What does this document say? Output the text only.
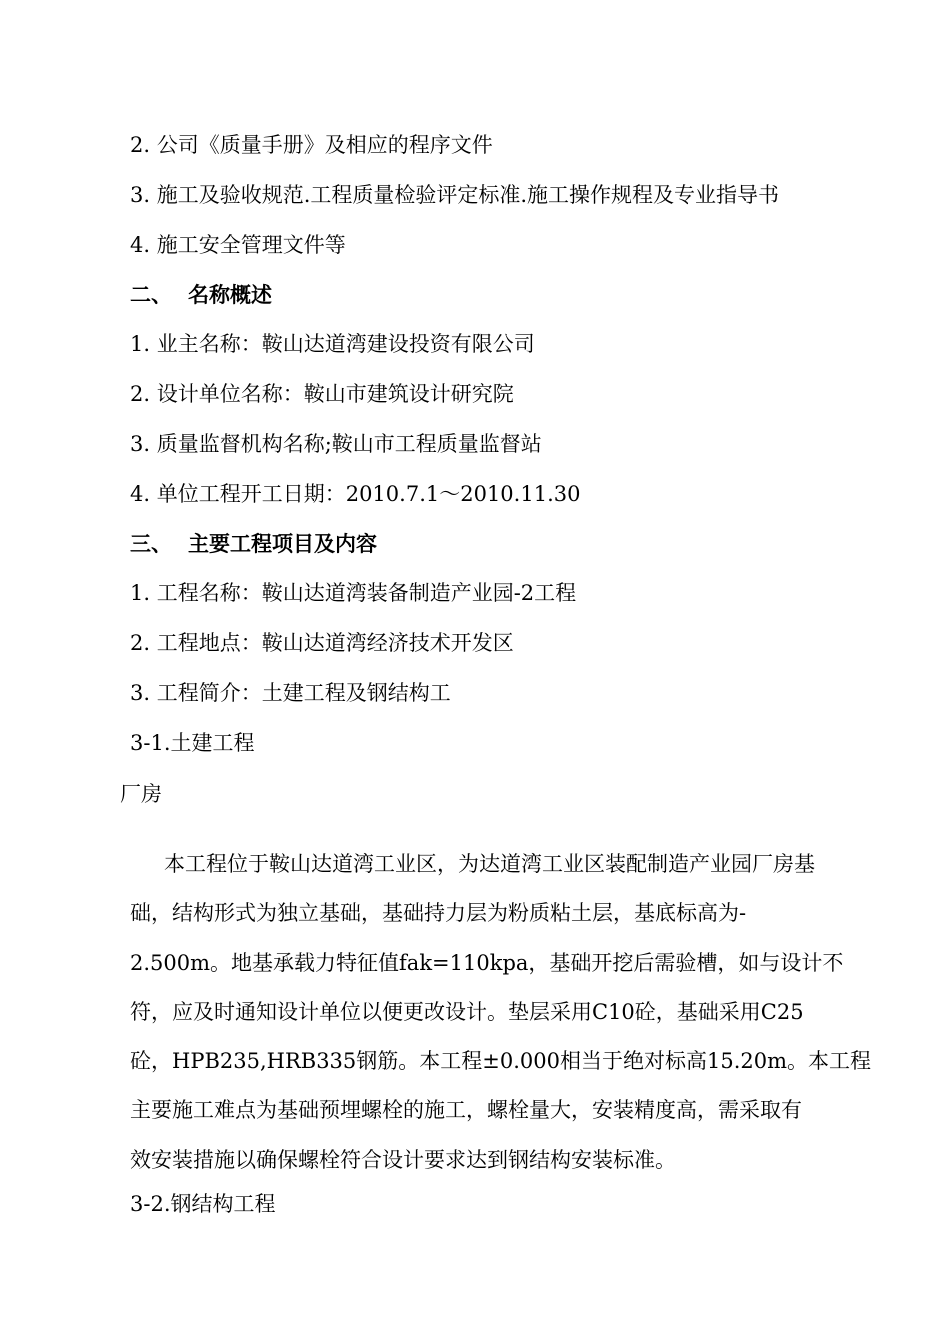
2. 公司《质量手册》及相应的程序文件
3. 施工及验收规范.工程质量检验评定标准.施工操作规程及专业指导书
4. 施工安全管理文件等
二、 名称概述
1. 业主名称：鞍山达道湾建设投资有限公司
2. 设计单位名称：鞍山市建筑设计研究院
3. 质量监督机构名称;鞍山市工程质量监督站
4. 单位工程开工日期：2010.7.1～2010.11.30
三、 主要工程项目及内容
1. 工程名称：鞍山达道湾装备制造产业园-2工程
2. 工程地点：鞍山达道湾经济技术开发区
3. 工程简介：土建工程及钢结构工
3-1.土建工程
厂房
本工程位于鞍山达道湾工业区，为达道湾工业区装配制造产业园厂房基
础，结构形式为独立基础，基础持力层为粉质粘土层，基底标高为-
2.500m。地基承载力特征值fak=110kpa，基础开挖后需验槽，如与设计不
符，应及时通知设计单位以便更改设计。垫层采用C10砼，基础采用C25
砼，HPB235,HRB335钢筋。本工程±0.000相当于绝对标高15.20m。本工程
主要施工难点为基础预埋螺栓的施工，螺栓量大，安装精度高，需采取有
效安装措施以确保螺栓符合设计要求达到钢结构安装标准。
3-2.钢结构工程
